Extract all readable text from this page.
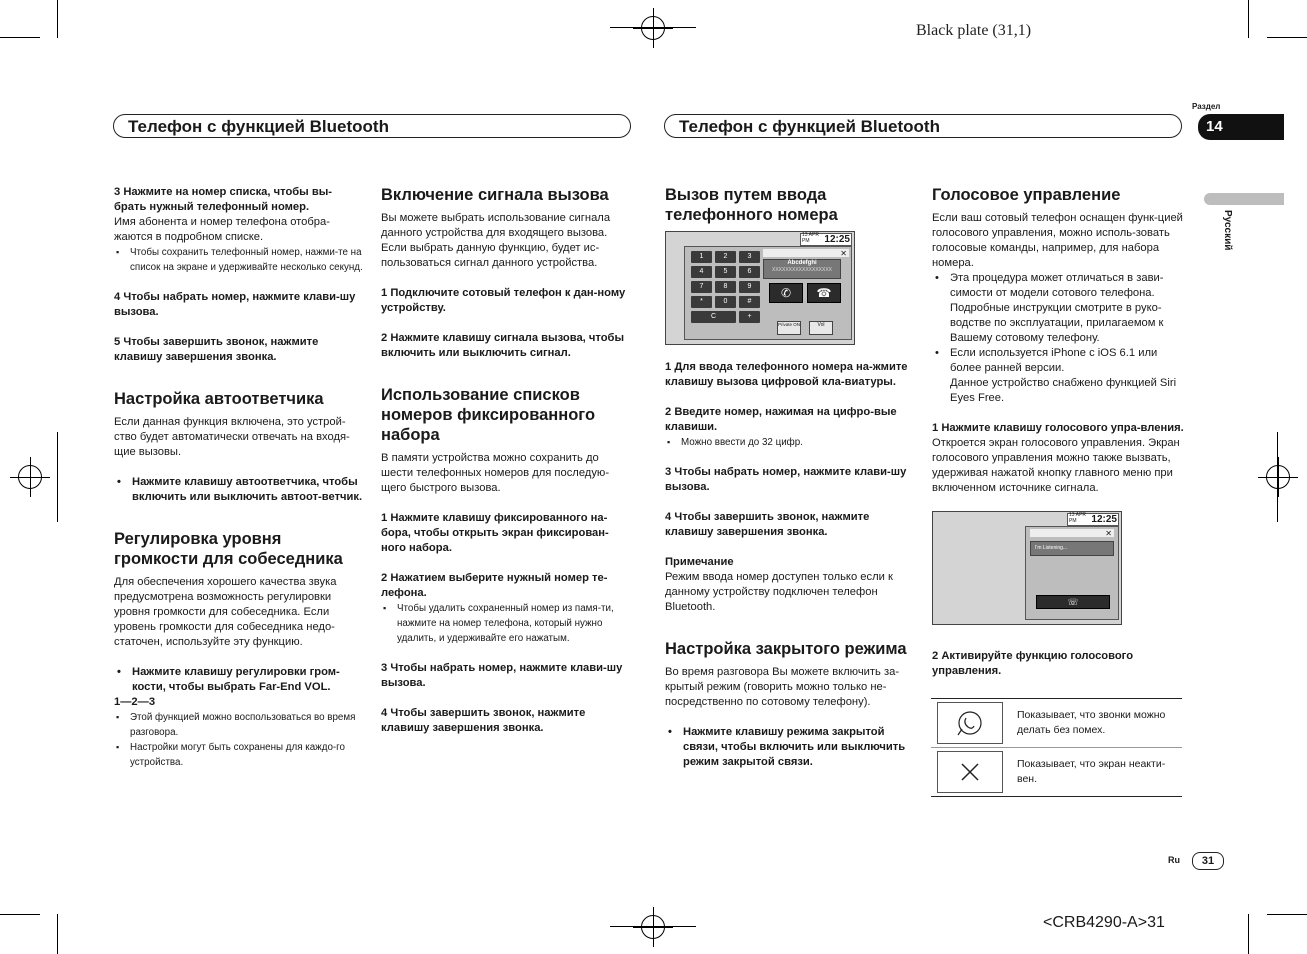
Black plate (31,1)
<CRB4290-A>31
Раздел
14
Русский
Телефон с функцией Bluetooth	Телефон с функцией Bluetooth

3 Нажмите на номер списка, чтобы вы-брать нужный телефонный номер.

Имя абонента и номер телефона отобра-жаются в подробном списке.

▪ Чтобы сохранить телефонный номер, нажми-те на список на экране и удерживайте несколько секунд.

4 Чтобы набрать номер, нажмите клави-шу вызова.

5 Чтобы завершить звонок, нажмите клавишу завершения звонка.

Настройка автоответчика

Если данная функция включена, это устрой-ство будет автоматически отвечать на входя-щие вызовы.

• Нажмите клавишу автоответчика, чтобы включить или выключить автоот-ветчик.

Регулировка уровня громкости для собеседника

Для обеспечения хорошего качества звука предусмотрена возможность регулировки уровня громкости для собеседника. Если уровень громкости для собеседника недо-статочен, используйте эту функцию.

• Нажмите клавишу регулировки гром-кости, чтобы выбрать Far-End VOL.

1—2—3

▪ Этой функцией можно воспользоваться во время разговора.

▪ Настройки могут быть сохранены для каждо-го устройства.

Включение сигнала вызова

Вы можете выбрать использование сигнала данного устройства для входящего вызова. Если выбрать данную функцию, будет ис-пользоваться сигнал данного устройства.

1 Подключите сотовый телефон к дан-ному устройству.

2 Нажмите клавишу сигнала вызова, чтобы включить или выключить сигнал.

Использование списков номеров фиксированного набора

В памяти устройства можно сохранить до шести телефонных номеров для последую-щего быстрого вызова.

1 Нажмите клавишу фиксированного на-бора, чтобы открыть экран фиксирован-ного набора.

2 Нажатием выберите нужный номер те-лефона.

▪ Чтобы удалить сохраненный номер из памя-ти, нажмите на номер телефона, который нужно удалить, и удерживайте его нажатым.

3 Чтобы набрать номер, нажмите клави-шу вызова.

4 Чтобы завершить звонок, нажмите клавишу завершения звонка.

Вызов путем ввода телефонного номера
13 APR PM	12:25
✕
Abcdefghi
XXXXXXXXXXXXXXXXXX
1	2	3
4	5	6
7	8	9
*	0	#
C	+
✆	☎
Private ON	Vol

1 Для ввода телефонного номера на-жмите клавишу вызова цифровой кла-виатуры.

2 Введите номер, нажимая на цифро-вые клавиши.

▪ Можно ввести до 32 цифр.

3 Чтобы набрать номер, нажмите клави-шу вызова.

4 Чтобы завершить звонок, нажмите клавишу завершения звонка.

Примечание

Режим ввода номер доступен только если к данному устройству подключен телефон Bluetooth.

Настройка закрытого режима

Во время разговора Вы можете включить за-крытый режим (говорить можно только не-посредственно по сотовому телефону).

• Нажмите клавишу режима закрытой связи, чтобы включить или выключить режим закрытой связи.

Голосовое управление

Если ваш сотовый телефон оснащен функ-цией голосового управления, можно исполь-зовать голосовые команды, например, для набора номера.

• Эта процедура может отличаться в зави-симости от модели сотового телефона. Подробные инструкции смотрите в руко-водстве по эксплуатации, прилагаемом к Вашему сотовому телефону.

• Если используется iPhone с iOS 6.1 или более ранней версии.

Данное устройство снабжено функцией Siri Eyes Free.

1 Нажмите клавишу голосового упра-вления.

Откроется экран голосового управления. Экран голосового управления можно также вызвать, удерживая нажатой кнопку главного меню при включенном источнике сигнала.

13 APR PM	12:25
✕
I'm Listening...
☏

2 Активируйте функцию голосового управления.

	Показывает, что звонки можно делать без помех.

	Показывает, что экран неакти-вен.
Ru	31
